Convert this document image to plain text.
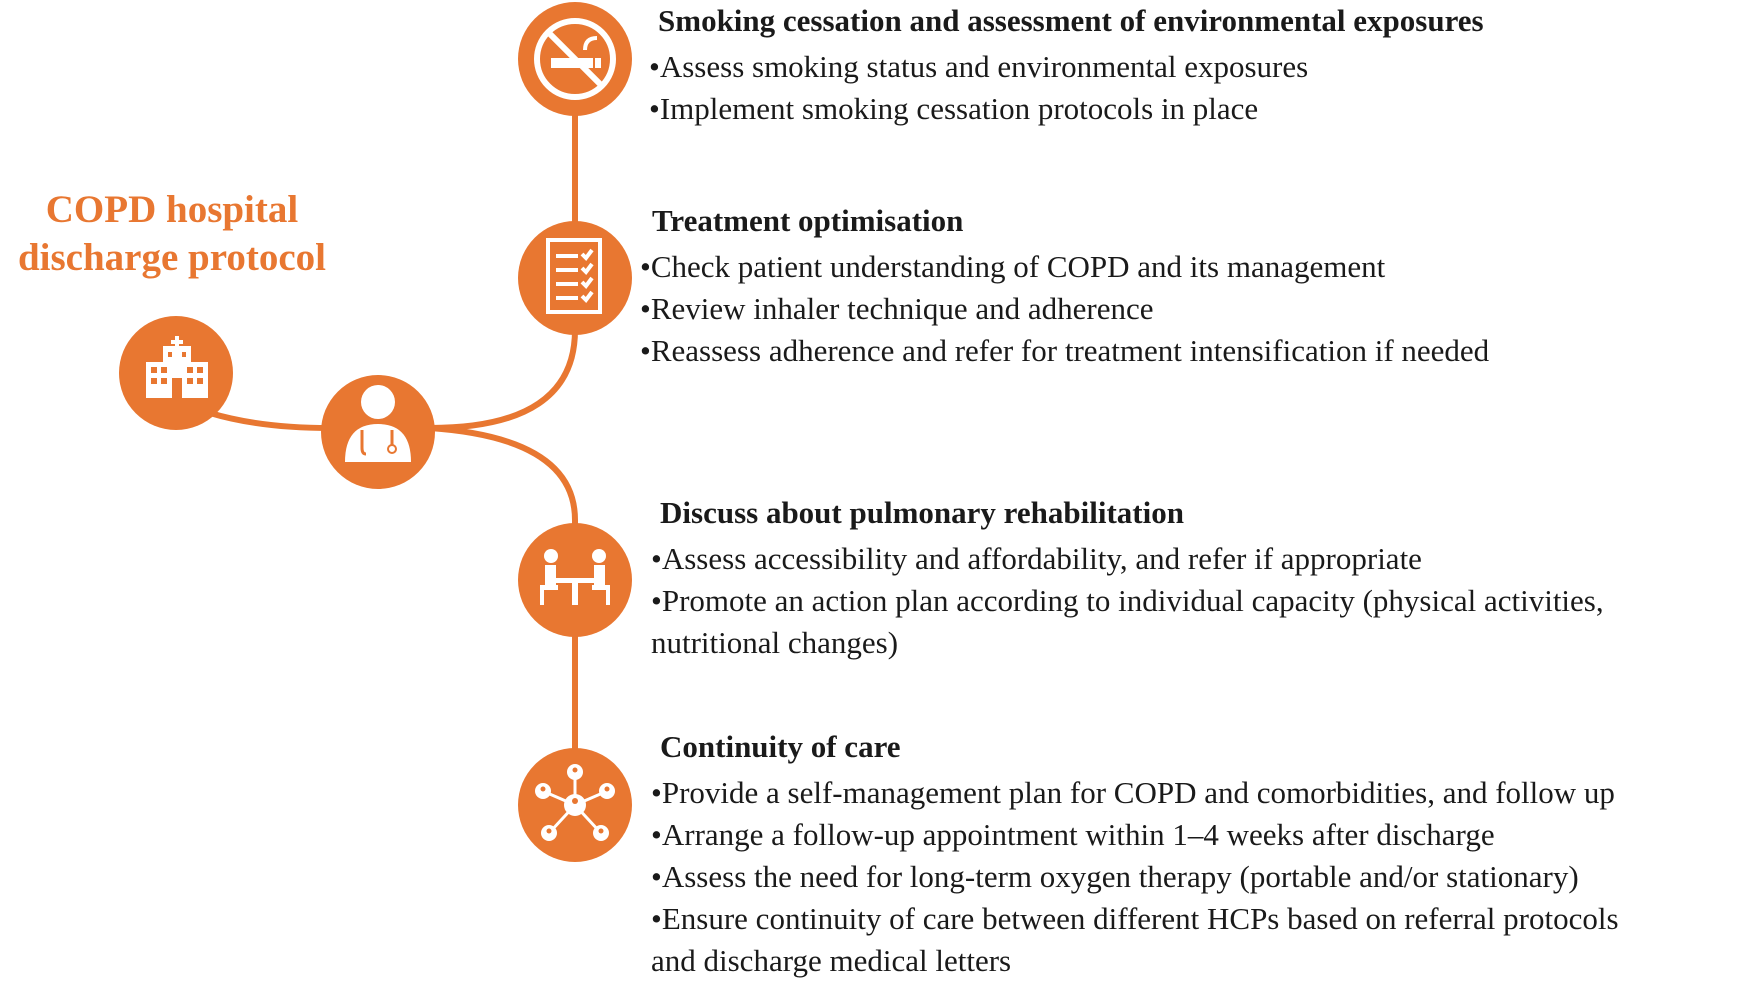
COPD hospital
discharge protocol
Smoking cessation and assessment of environmental exposures
•Assess smoking status and environmental exposures
•Implement smoking cessation protocols in place
Treatment optimisation
•Check patient understanding of COPD and its management
•Review inhaler technique and adherence
•Reassess adherence and refer for treatment intensification if needed
Discuss about pulmonary rehabilitation
•Assess accessibility and affordability, and refer if appropriate
•Promote an action plan according to individual capacity (physical activities,
nutritional changes)
Continuity of care
•Provide a self-management plan for COPD and comorbidities, and follow up
•Arrange a follow-up appointment within 1–4 weeks after discharge
•Assess the need for long-term oxygen therapy (portable and/or stationary)
•Ensure continuity of care between different HCPs based on referral protocols
and discharge medical letters
